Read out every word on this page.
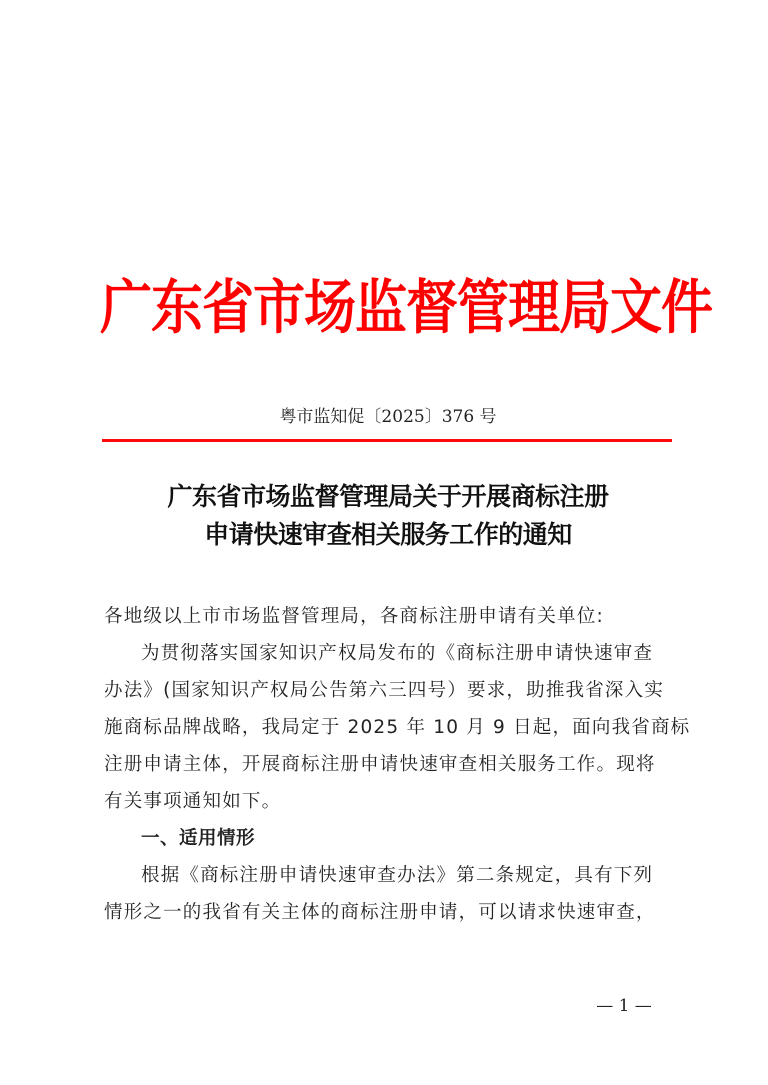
广东省市场监督管理局文件
粤市监知促〔2025〕376 号
广东省市场监督管理局关于开展商标注册
申请快速审查相关服务工作的通知
各地级以上市市场监督管理局，各商标注册申请有关单位:
为贯彻落实国家知识产权局发布的《商标注册申请快速审查
办法》(国家知识产权局公告第六三四号）要求，助推我省深入实
施商标品牌战略，我局定于 2025 年 10 月 9 日起，面向我省商标
注册申请主体，开展商标注册申请快速审查相关服务工作。现将
有关事项通知如下。
一、适用情形
根据《商标注册申请快速审查办法》第二条规定，具有下列
情形之一的我省有关主体的商标注册申请，可以请求快速审查，
— 1 —
